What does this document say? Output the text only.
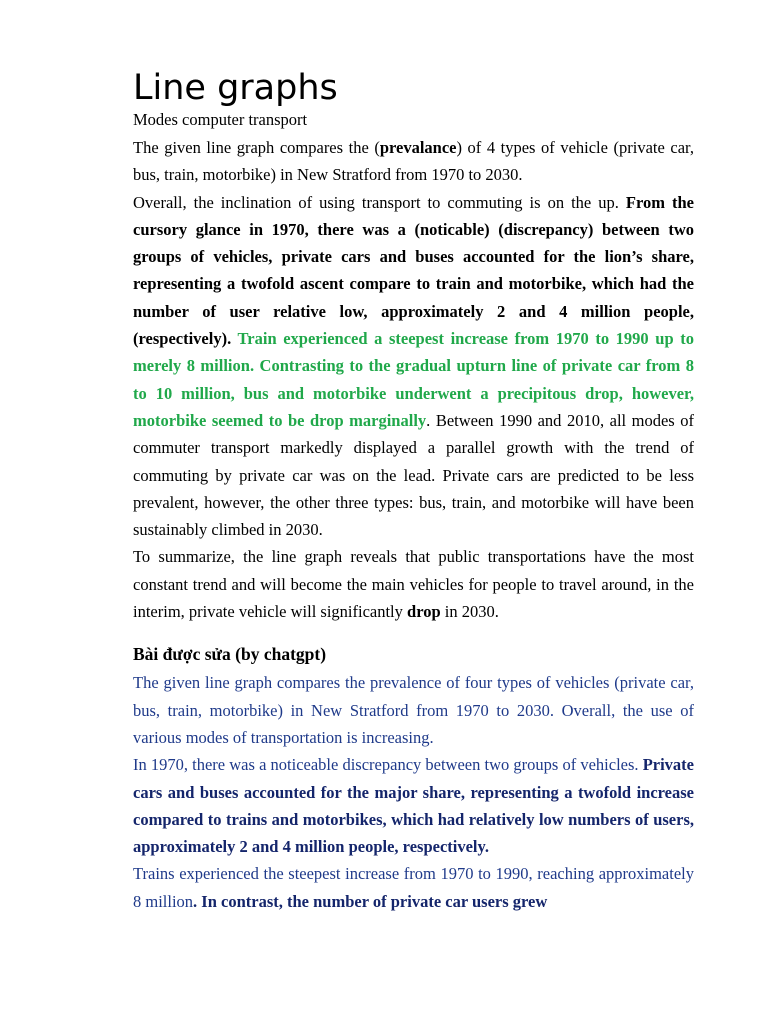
Line graphs
Modes computer transport

The given line graph compares the (prevalance) of 4 types of vehicle (private car, bus, train, motorbike) in New Stratford from 1970 to 2030.

Overall, the inclination of using transport to commuting is on the up. From the cursory glance in 1970, there was a (noticable) (discrepancy) between two groups of vehicles, private cars and buses accounted for the lion’s share, representing a twofold ascent compare to train and motorbike, which had the number of user relative low, approximately 2 and 4 million people, (respectively). Train experienced a steepest increase from 1970 to 1990 up to merely 8 million. Contrasting to the gradual upturn line of private car from 8 to 10 million, bus and motorbike underwent a precipitous drop, however, motorbike seemed to be drop marginally. Between 1990 and 2010, all modes of commuter transport markedly displayed a parallel growth with the trend of commuting by private car was on the lead. Private cars are predicted to be less prevalent, however, the other three types: bus, train, and motorbike will have been sustainably climbed in 2030.

To summarize, the line graph reveals that public transportations have the most constant trend and will become the main vehicles for people to travel around, in the interim, private vehicle will significantly drop in 2030.

Bài được sửa (by chatgpt)

The given line graph compares the prevalence of four types of vehicles (private car, bus, train, motorbike) in New Stratford from 1970 to 2030. Overall, the use of various modes of transportation is increasing.

In 1970, there was a noticeable discrepancy between two groups of vehicles. Private cars and buses accounted for the major share, representing a twofold increase compared to trains and motorbikes, which had relatively low numbers of users, approximately 2 and 4 million people, respectively.

Trains experienced the steepest increase from 1970 to 1990, reaching approximately 8 million. In contrast, the number of private car users grew
